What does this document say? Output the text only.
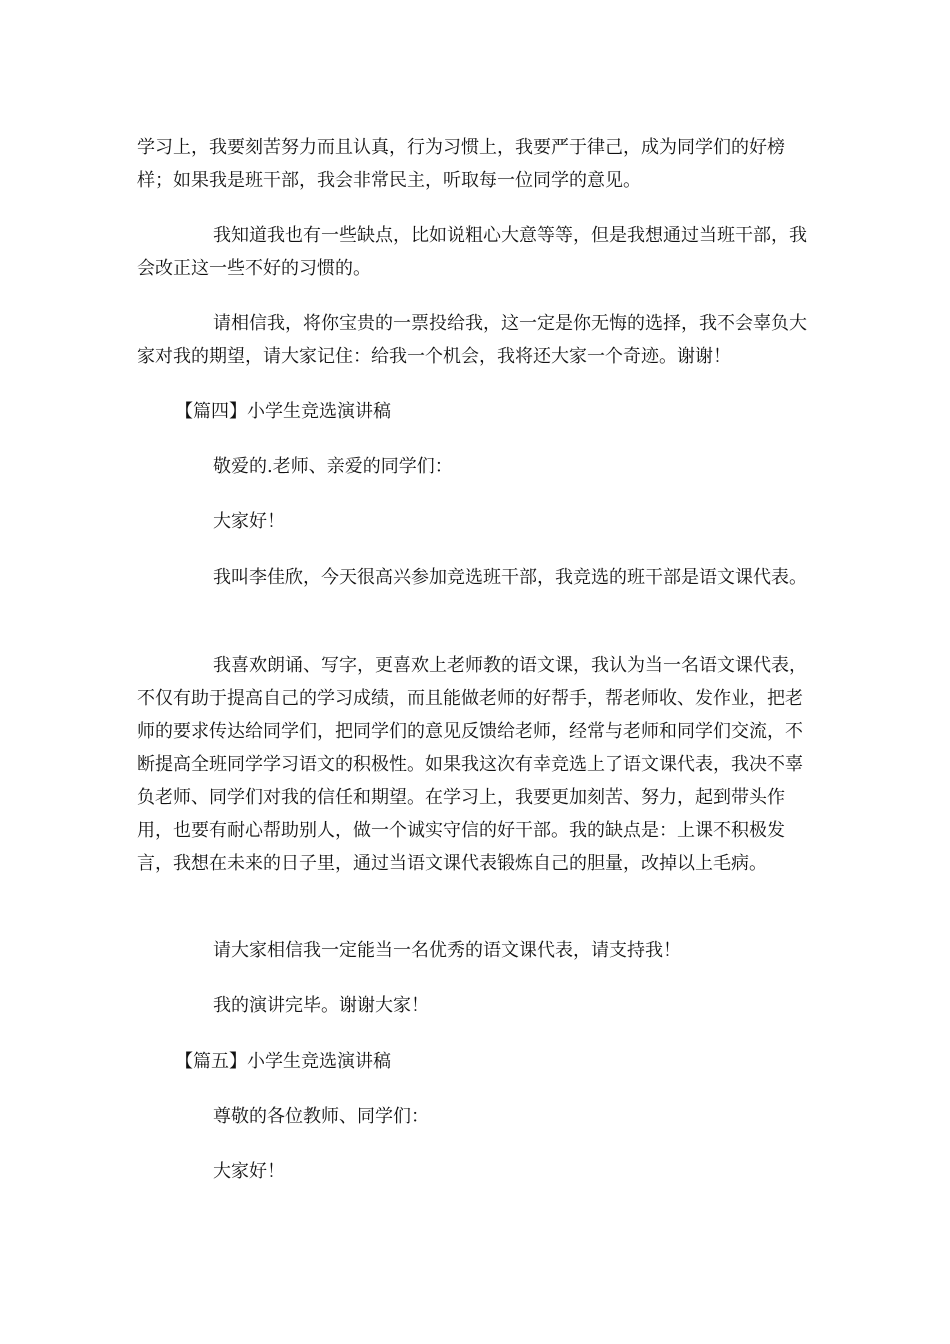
学习上，我要刻苦努力而且认真，行为习惯上，我要严于律己，成为同学们的好榜样；如果我是班干部，我会非常民主，听取每一位同学的意见。

我知道我也有一些缺点，比如说粗心大意等等，但是我想通过当班干部，我会改正这一些不好的习惯的。

请相信我，将你宝贵的一票投给我，这一定是你无悔的选择，我不会辜负大家对我的期望，请大家记住：给我一个机会，我将还大家一个奇迹。谢谢！

【篇四】小学生竞选演讲稿

敬爱的.老师、亲爱的同学们：

大家好！

我叫李佳欣，今天很高兴参加竞选班干部，我竞选的班干部是语文课代表。

我喜欢朗诵、写字，更喜欢上老师教的语文课，我认为当一名语文课代表，不仅有助于提高自己的学习成绩，而且能做老师的好帮手，帮老师收、发作业，把老师的要求传达给同学们，把同学们的意见反馈给老师，经常与老师和同学们交流，不断提高全班同学学习语文的积极性。如果我这次有幸竞选上了语文课代表，我决不辜负老师、同学们对我的信任和期望。在学习上，我要更加刻苦、努力，起到带头作用，也要有耐心帮助别人，做一个诚实守信的好干部。我的缺点是：上课不积极发言，我想在未来的日子里，通过当语文课代表锻炼自己的胆量，改掉以上毛病。

请大家相信我一定能当一名优秀的语文课代表，请支持我！

我的演讲完毕。谢谢大家！

【篇五】小学生竞选演讲稿

尊敬的各位教师、同学们：

大家好！
